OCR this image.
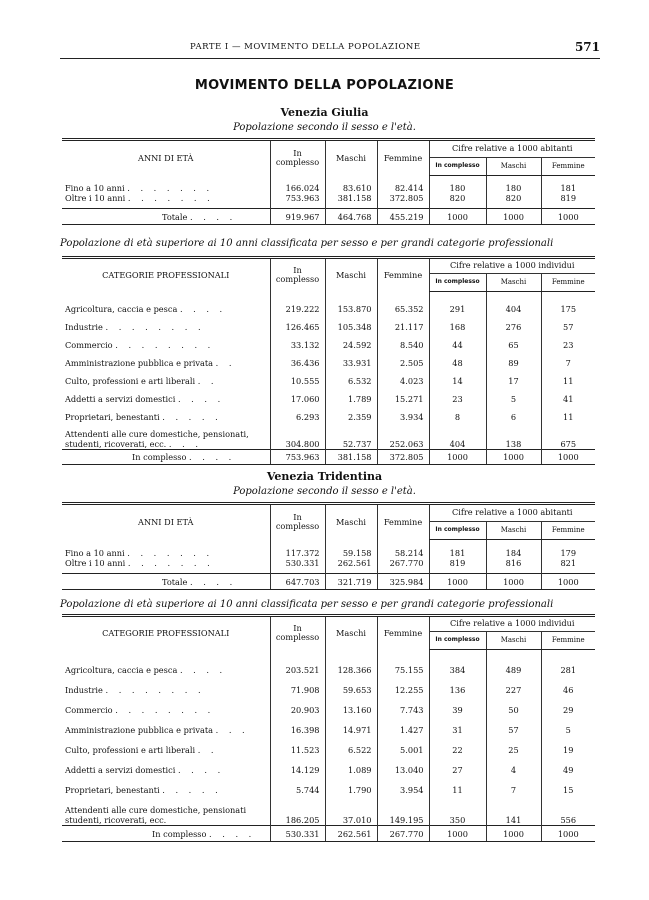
PARTE I — MOVIMENTO DELLA POPOLAZIONE	571
MOVIMENTO DELLA POPOLAZIONE
Venezia Giulia
Popolazione secondo il sesso e l'età.
ANNI DI ETÀ	In complesso	Maschi	Femmine	Cifre relative a 1000 abitanti		
				In complesso	Maschi	Femmine

Fino a 10 anni . . . . . . .	166.024	83.610	82.414	180	180	181
Oltre i 10 anni . . . . . . .	753.963	381.158	372.805	820	820	819

Totale . . . .	919.967	464.768	455.219	1000	1000	1000
Popolazione di età superiore ai 10 anni classificata per sesso e per grandi categorie professionali
CATEGORIE PROFESSIONALI	In complesso	Maschi	Femmine	Cifre relative a 1000 individui		
				In complesso	Maschi	Femmine

Agricoltura, caccia e pesca . . . .	219.222	153.870	65.352	291	404	175
Industrie . . . . . . . .	126.465	105.348	21.117	168	276	57
Commercio . . . . . . . .	33.132	24.592	8.540	44	65	23
Amministrazione pubblica e privata . .	36.436	33.931	2.505	48	89	7
Culto, professioni e arti liberali . .	10.555	6.532	4.023	14	17	11
Addetti a servizi domestici . . . .	17.060	1.789	15.271	23	5	41
Proprietari, benestanti . . . . .	6.293	2.359	3.934	8	6	11
Attendenti alle cure domestiche, pensionati, studenti, ricoverati, ecc. . . .	304.800	52.737	252.063	404	138	675
In complesso . . . .	753.963	381.158	372.805	1000	1000	1000
Venezia Tridentina
Popolazione secondo il sesso e l'età.
ANNI DI ETÀ	In complesso	Maschi	Femmine	Cifre relative a 1000 abitanti		
				In complesso	Maschi	Femmine

Fino a 10 anni . . . . . . .	117.372	59.158	58.214	181	184	179
Oltre i 10 anni . . . . . . .	530.331	262.561	267.770	819	816	821

Totale . . . .	647.703	321.719	325.984	1000	1000	1000
Popolazione di età superiore ai 10 anni classificata per sesso e per grandi categorie professionali
CATEGORIE PROFESSIONALI	In complesso	Maschi	Femmine	Cifre relative a 1000 individui		
				In complesso	Maschi	Femmine

Agricoltura, caccia e pesca . . . .	203.521	128.366	75.155	384	489	281
Industrie . . . . . . . .	71.908	59.653	12.255	136	227	46
Commercio . . . . . . . .	20.903	13.160	7.743	39	50	29
Amministrazione pubblica e privata . . .	16.398	14.971	1.427	31	57	5
Culto, professioni e arti liberali . .	11.523	6.522	5.001	22	25	19
Addetti a servizi domestici . . . .	14.129	1.089	13.040	27	4	49
Proprietari, benestanti . . . . .	5.744	1.790	3.954	11	7	15
Attendenti alle cure domestiche, pensionati studenti, ricoverati, ecc.	186.205	37.010	149.195	350	141	556
In complesso . . . .	530.331	262.561	267.770	1000	1000	1000
